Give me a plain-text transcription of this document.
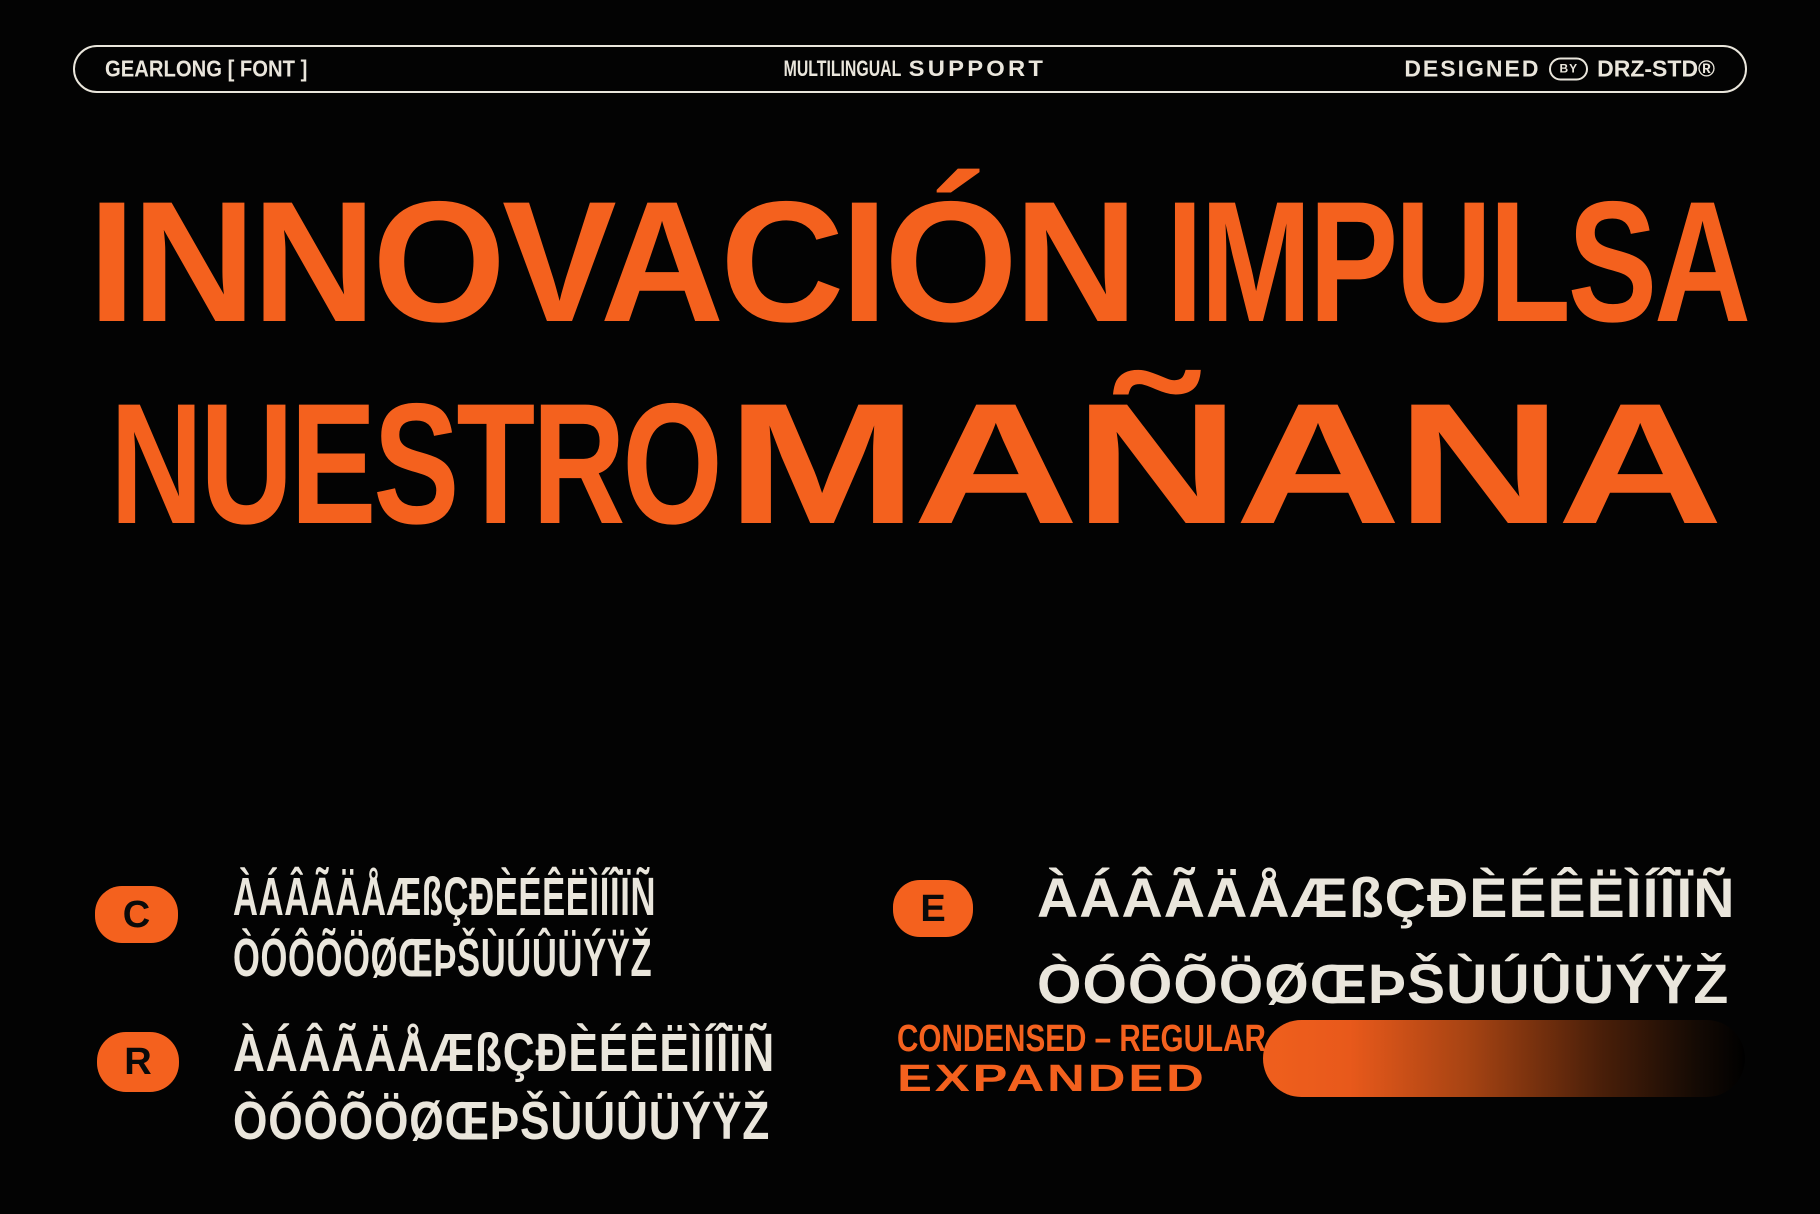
GEARLONG [ FONT ]	MULTILINGUAL SUPPORT	DESIGNED	BY DRZ-STD®
INNOVACIÓN IMPULSA
NUESTRO MAÑANA
C ÀÁÂÃÄÅÆßÇÐÈÉÊËÌÍÎÏÑ
ÒÓÔÕÖØŒÞŠÙÚÛÜÝŸŽ
R ÀÁÂÃÄÅÆßÇÐÈÉÊËÌÍÎÏÑ
ÒÓÔÕÖØŒÞŠÙÚÛÜÝŸŽ
E ÀÁÂÃÄÅÆßÇÐÈÉÊËÌÍÎÏÑ
ÒÓÔÕÖØŒÞŠÙÚÛÜÝŸŽ
CONDENSED – REGULAR
EXPANDED
